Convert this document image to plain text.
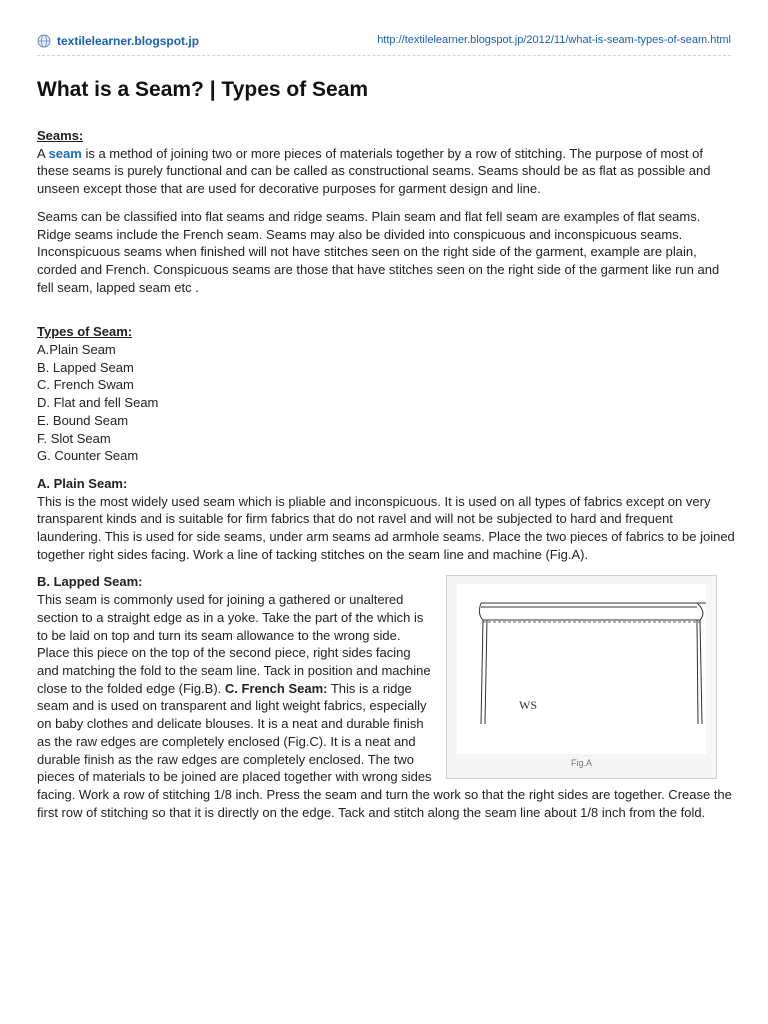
textilelearner.blogspot.jp	http://textilelearner.blogspot.jp/2012/11/what-is-seam-types-of-seam.html
What is a Seam? | Types of Seam

Seams:

A seam is a method of joining two or more pieces of materials together by a row of stitching. The purpose of most of these seams is purely functional and can be called as constructional seams. Seams should be as flat as possible and unseen except those that are used for decorative purposes for garment design and line.

Seams can be classified into flat seams and ridge seams. Plain seam and flat fell seam are examples of flat seams. Ridge seams include the French seam. Seams may also be divided into conspicuous and inconspicuous seams. Inconspicuous seams when finished will not have stitches seen on the right side of the garment, example are plain, corded and French. Conspicuous seams are those that have stitches seen on the right side of the garment like run and fell seam, lapped seam etc .

Types of Seam:

A.Plain Seam

B. Lapped Seam

C. French Swam

D. Flat and fell Seam

E. Bound Seam

F. Slot Seam

G. Counter Seam

A. Plain Seam:

This is the most widely used seam which is pliable and inconspicuous. It is used on all types of fabrics except on very transparent kinds and is suitable for firm fabrics that do not ravel and will not be subjected to hard and frequent laundering. This is used for side seams, under arm seams ad armhole seams. Place the two pieces of fabrics to be joined together right sides facing. Work a line of tacking stitches on the seam line and machine (Fig.A).

WS
Fig.A

B. Lapped Seam:

This seam is commonly used for joining a gathered or unaltered section to a straight edge as in a yoke. Take the part of the which is to be laid on top and turn its seam allowance to the wrong side. Place this piece on the top of the second piece, right sides facing and matching the fold to the seam line. Tack in position and machine close to the folded edge (Fig.B). C. French Seam: This is a ridge seam and is used on transparent and light weight fabrics, especially on baby clothes and delicate blouses. It is a neat and durable finish as the raw edges are completely enclosed (Fig.C). It is a neat and durable finish as the raw edges are completely enclosed. The two pieces of materials to be joined are placed together with wrong sides facing. Work a row of stitching 1/8 inch. Press the seam and turn the work so that the right sides are together. Crease the first row of stitching so that it is directly on the edge. Tack and stitch along the seam line about 1/8 inch from the fold.
